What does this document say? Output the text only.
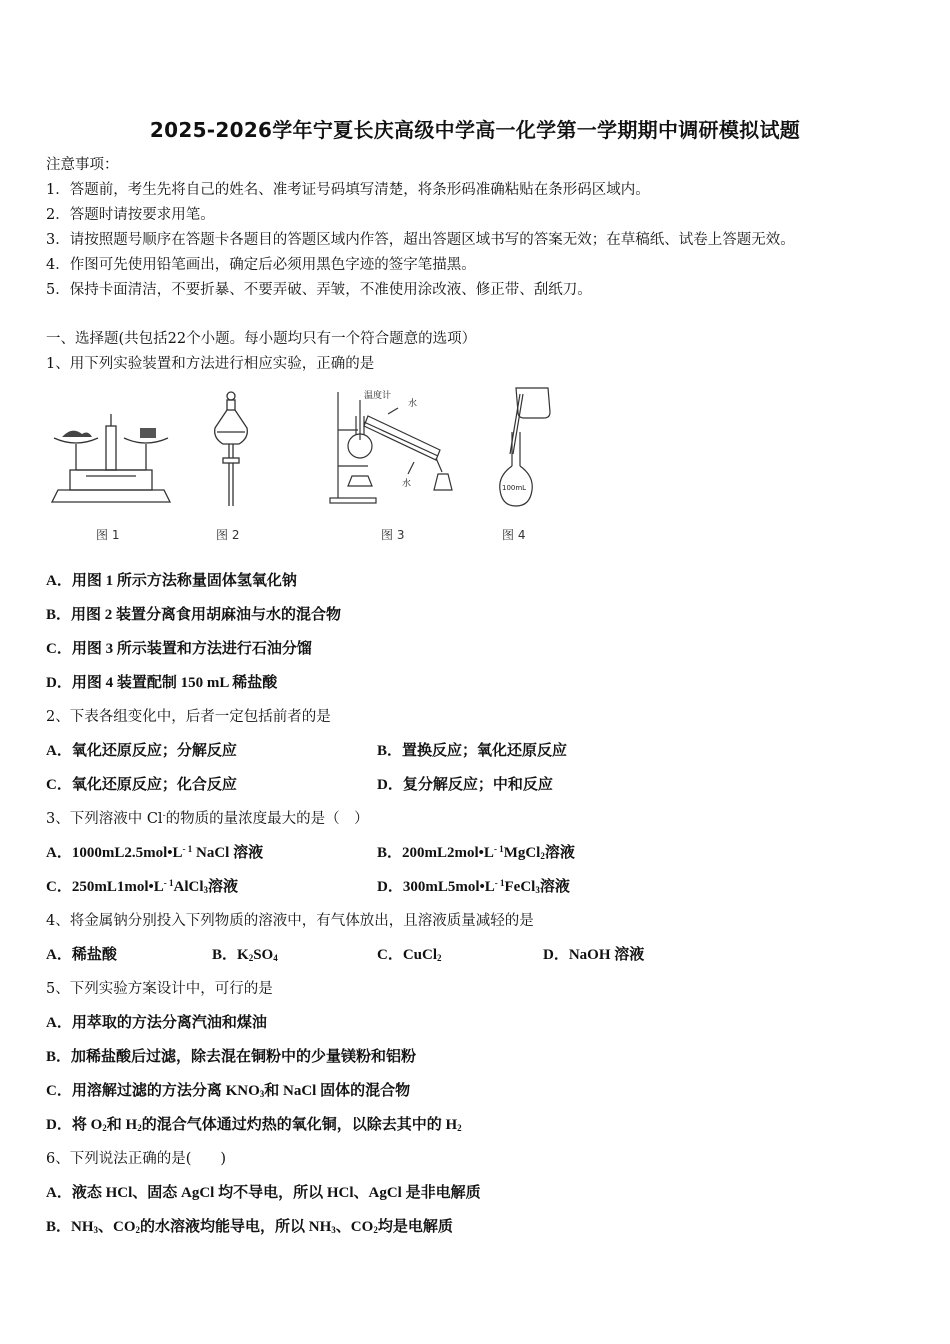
2025-2026学年宁夏长庆高级中学高一化学第一学期期中调研模拟试题
注意事项：
1．答题前，考生先将自己的姓名、准考证号码填写清楚，将条形码准确粘贴在条形码区域内。
2．答题时请按要求用笔。
3．请按照题号顺序在答题卡各题目的答题区域内作答，超出答题区域书写的答案无效；在草稿纸、试卷上答题无效。
4．作图可先使用铅笔画出，确定后必须用黑色字迹的签字笔描黑。
5．保持卡面清洁，不要折暴、不要弄破、弄皱，不准使用涂改液、修正带、刮纸刀。
一、选择题(共包括22个小题。每小题均只有一个符合题意的选项）
1、用下列实验装置和方法进行相应实验，正确的是
图 1	图 2
温度计
水
水
图 3
100mL
图 4
A．用图 1 所示方法称量固体氢氧化钠
B．用图 2 装置分离食用胡麻油与水的混合物
C．用图 3 所示装置和方法进行石油分馏
D．用图 4 装置配制 150 mL 稀盐酸
2、下表各组变化中，后者一定包括前者的是
A．氧化还原反应；分解反应	B．置换反应；氧化还原反应
C．氧化还原反应；化合反应	D．复分解反应；中和反应
3、下列溶液中 Cl-的物质的量浓度最大的是（　）
A．$1000mL2.5mol•L^{- 1}$ NaCl 溶液	B．$200mL2mol•L^{- 1}MgCl_2$溶液
C．$250mL1mol•L^{- 1}AlCl_3$溶液	D．$300mL5mol•L^{- 1}FeCl_3$溶液
4、将金属钠分别投入下列物质的溶液中，有气体放出，且溶液质量减轻的是
A．稀盐酸	B．$K_2SO_4$	C．CuCl$_2$	D．NaOH 溶液
5、下列实验方案设计中，可行的是
A．用萃取的方法分离汽油和煤油
B．加稀盐酸后过滤，除去混在铜粉中的少量镁粉和铝粉
C．用溶解过滤的方法分离 $KNO_3$和 NaCl 固体的混合物
D．将 $O_2$和 $H_2$的混合气体通过灼热的氧化铜，以除去其中的 $H_2$
6、下列说法正确的是(　　)
A．液态 HCl、固态 AgCl 均不导电，所以 HCl、AgCl 是非电解质
B．$NH_3$、$CO_2$的水溶液均能导电，所以 $NH_3$、$CO_2$均是电解质
